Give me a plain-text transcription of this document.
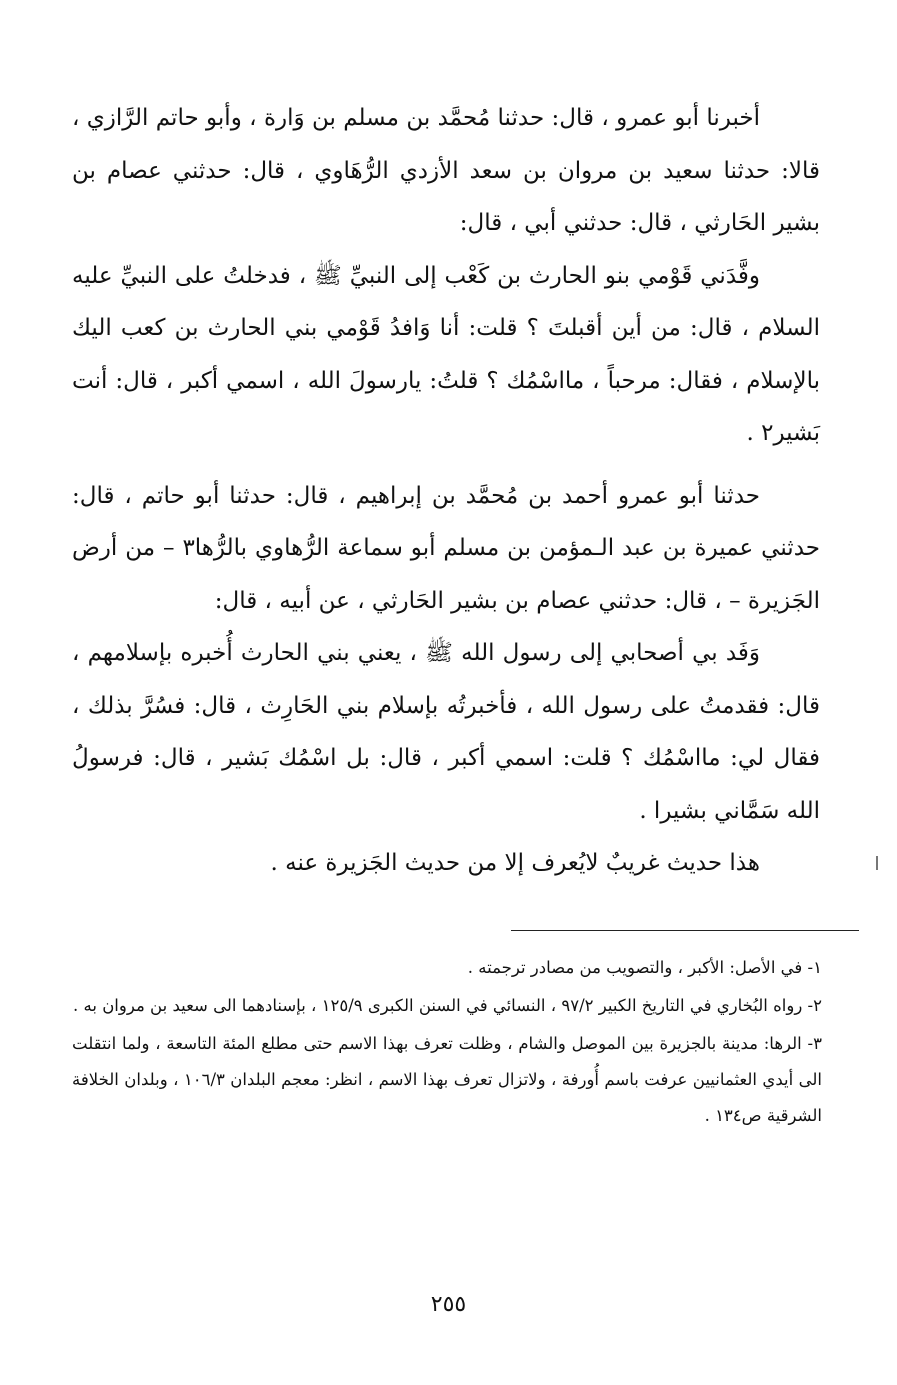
أخبرنا أبو عمرو ، قال: حدثنا مُحمَّد بن مسلم بن وَارة ، وأبو حاتم الرَّازي ، قالا: حدثنا سعيد بن مروان بن سعد الأزدي الرُّهَاوي ، قال: حدثني عصام بن بشير الحَارثي ، قال: حدثني أبي ، قال:

وفَّدَني قَوْمي بنو الحارث بن كَعْب إلى النبيِّ ﷺ ، فدخلتُ على النبيِّ عليه السلام ، قال: من أين أقبلتَ ؟ قلت: أنا وَافدُ قَوْمي بني الحارث بن كعب اليك بالإسلام ، فقال: مرحباً ، مااسْمُك ؟ قلتُ: يارسولَ الله ، اسمي أكبر ، قال: أنت بَشير٢ .

حدثنا أبو عمرو أحمد بن مُحمَّد بن إبراهيم ، قال: حدثنا أبو حاتم ، قال: حدثني عميرة بن عبد الـمؤمن بن مسلم أبو سماعة الرُّهاوي بالرُّها٣ – من أرض الجَزيرة – ، قال: حدثني عصام بن بشير الحَارثي ، عن أبيه ، قال:

وَفَد بي أصحابي إلى رسول الله ﷺ ، يعني بني الحارث أُخبره بإسلامهم ، قال: فقدمتُ على رسول الله ، فأخبرتُه بإسلام بني الحَارِث ، قال: فسُرَّ بذلك ، فقال لي: مااسْمُك ؟ قلت: اسمي أكبر ، قال: بل اسْمُك بَشير ، قال: فرسولُ الله سَمَّاني بشيرا .

هذا حديث غريبٌ لايُعرف إلا من حديث الجَزيرة عنه .

١- في الأصل: الأكبر ، والتصويب من مصادر ترجمته .

٢- رواه البُخاري في التاريخ الكبير ٩٧/٢ ، النسائي في السنن الكبرى ١٢٥/٩ ، بإسنادهما الى سعيد بن مروان به .

٣- الرها: مدينة بالجزيرة بين الموصل والشام ، وظلت تعرف بهذا الاسم حتى مطلع المئة التاسعة ، ولما انتقلت الى أيدي العثمانيين عرفت باسم أُورفة ، ولاتزال تعرف بهذا الاسم ، انظر: معجم البلدان ١٠٦/٣ ، وبلدان الخلافة الشرقية ص١٣٤ .

٢٥٥
